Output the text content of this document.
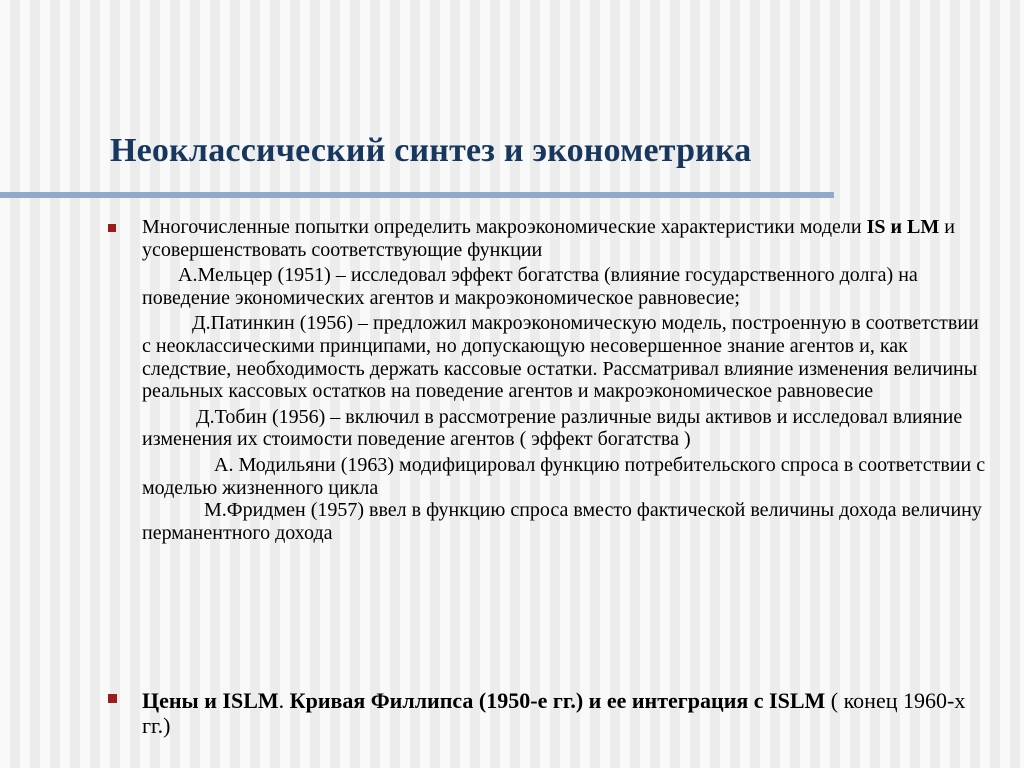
Неоклассический синтез и эконометрика

Многочисленные попытки определить макроэкономические характеристики модели IS и LM и усовершенствовать соответствующие функции

А.Мельцер (1951) – исследовал эффект богатства (влияние государственного долга) на поведение экономических агентов и макроэкономическое равновесие;

Д.Патинкин (1956) – предложил макроэкономическую модель, построенную в соответствии с неоклассическими принципами, но допускающую несовершенное знание агентов и, как следствие, необходимость держать кассовые остатки. Рассматривал влияние изменения величины реальных кассовых остатков на поведение агентов и макроэкономическое равновесие

Д.Тобин (1956) – включил в рассмотрение различные виды активов и исследовал влияние изменения их стоимости поведение агентов ( эффект богатства )

А. Модильяни (1963) модифицировал функцию потребительского спроса в соответствии с моделью жизненного цикла

М.Фридмен (1957) ввел в функцию спроса вместо фактической величины дохода величину перманентного дохода

Цены и ISLM. Кривая Филлипса (1950-е гг.) и ее интеграция с ISLM ( конец 1960-х гг.)
